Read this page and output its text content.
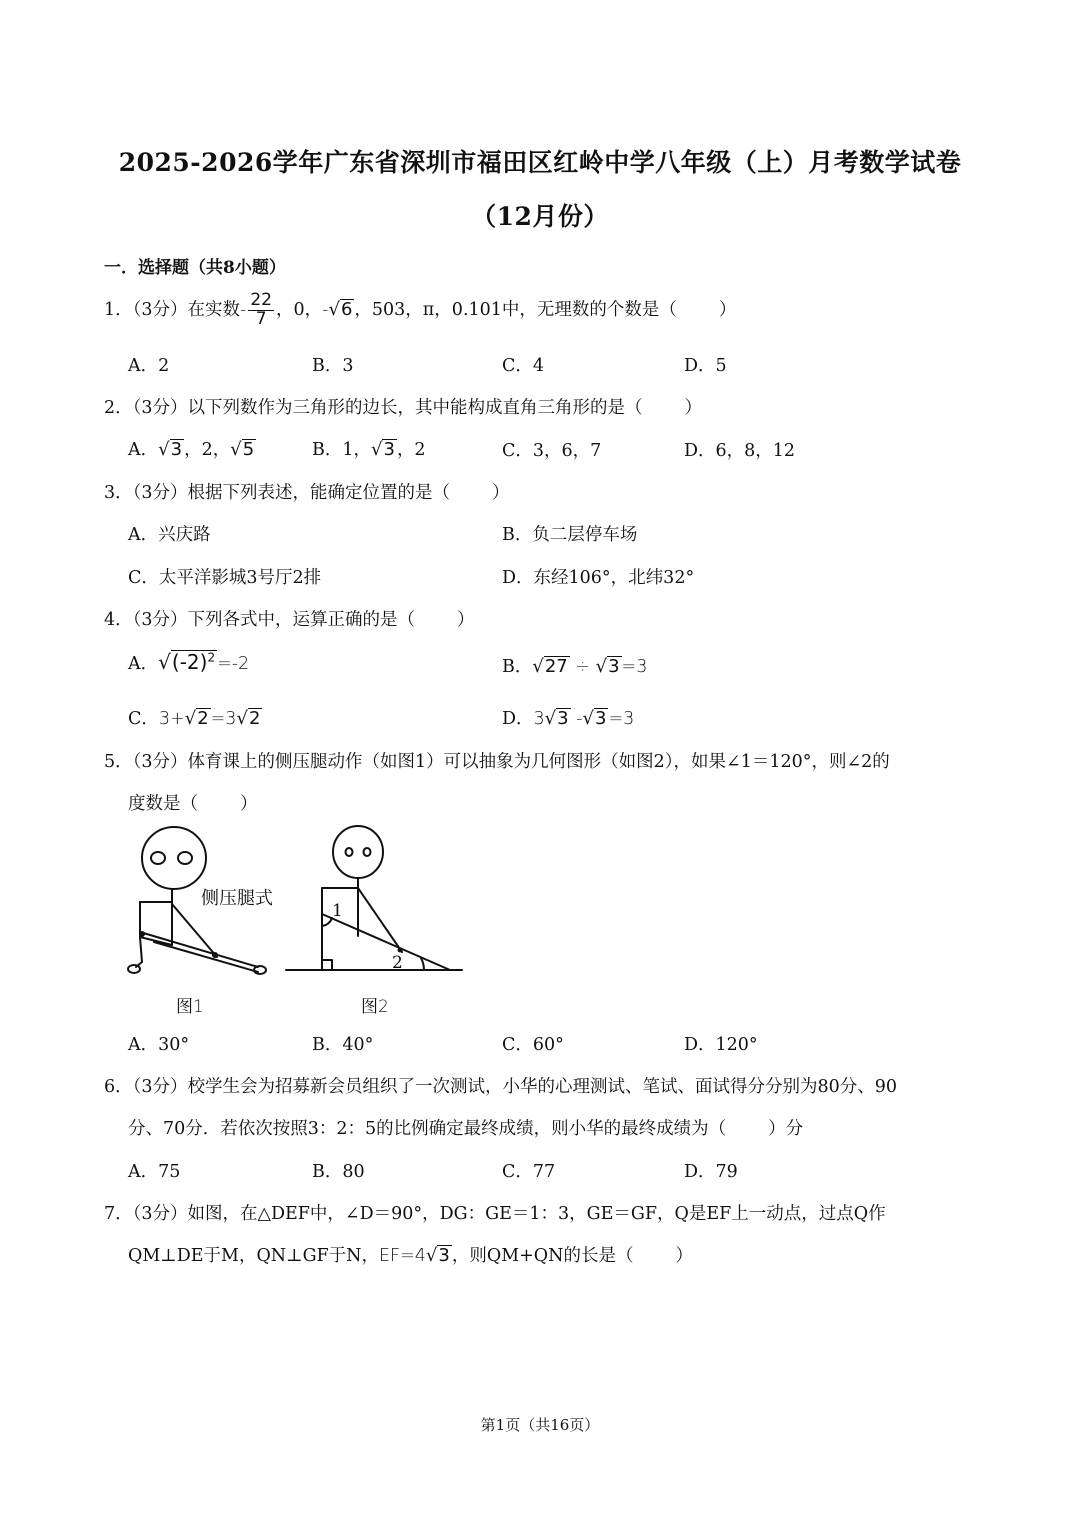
2025-2026学年广东省深圳市福田区红岭中学八年级（上）月考数学试卷
（12月份）
一．选择题（共8小题）
1．（3分）在实数- $\frac{22}{7}$ ，0，-√6 ，503，π，0.101中，无理数的个数是（ ）
A．2	B．3	C．4	D．5
2．（3分）以下列数作为三角形的边长，其中能构成直角三角形的是（ ）
A．√3 ，2，√5	B．1，√3 ，2	C．3，6，7	D．6，8，12
3．（3分）根据下列表述，能确定位置的是（ ）
A．兴庆路	B．负二层停车场
C．太平洋影城3号厅2排	D．东经106°，北纬32°
4．（3分）下列各式中，运算正确的是（ ）
A．$√(-2)^2 =-2$	B．√27 ÷ √3 =3
C．3+√2 =3√2	D．3√3 -√3 =3
5．（3分）体育课上的侧压腿动作（如图1）可以抽象为几何图形（如图2），如果∠1＝120°，则∠2的
度数是（ ）
侧压腿式
图1
1
2
图2
A．30°	B．40°	C．60°	D．120°
6．（3分）校学生会为招募新会员组织了一次测试，小华的心理测试、笔试、面试得分分别为80分、90
分、70分．若依次按照3：2：5的比例确定最终成绩，则小华的最终成绩为（ ）分
A．75	B．80	C．77	D．79
7．（3分）如图，在△DEF中，∠D＝90°，DG：GE＝1：3，GE＝GF，Q是EF上一动点，过点Q作
QM⊥DE于M，QN⊥GF于N，EF=4√3 ，则QM+QN的长是（ ）
第1页（共16页）
